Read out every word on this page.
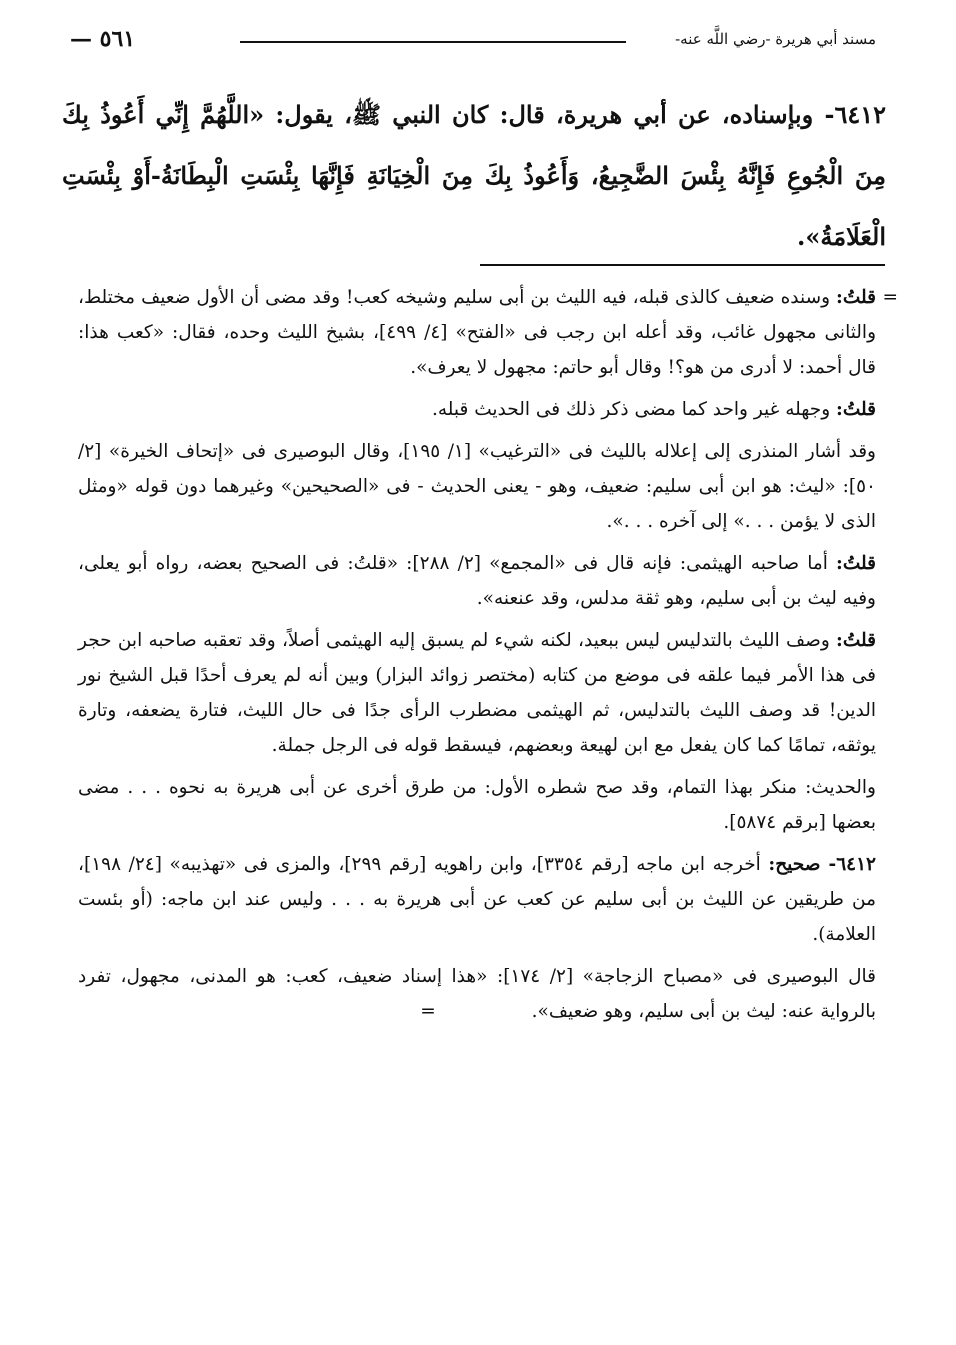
مسند أبي هريرة -رضي اللَّه عنه-
٥٦١ —
٦٤١٢- وبإسناده، عن أبي هريرة، قال: كان النبي ﷺ، يقول: «اللَّهُمَّ إِنِّي أَعُوذُ بِكَ مِنَ الْجُوعِ فَإِنَّهُ بِئْسَ الضَّجِيعُ، وَأَعُوذُ بِكَ مِنَ الْخِيَانَةِ فَإِنَّهَا بِئْسَتِ الْبِطَانَةُ-أَوْ بِئْسَتِ الْعَلَامَةُ».

=
قلتُ: وسنده ضعيف كالذى قبله، فيه الليث بن أبى سليم وشيخه كعب! وقد مضى أن الأول ضعيف مختلط، والثانى مجهول غائب، وقد أعله ابن رجب فى «الفتح» [٤/ ٤٩٩]، بشيخ الليث وحده، فقال: «كعب هذا: قال أحمد: لا أدرى من هو؟! وقال أبو حاتم: مجهول لا يعرف».

قلتُ: وجهله غير واحد كما مضى ذكر ذلك فى الحديث قبله.

وقد أشار المنذرى إلى إعلاله بالليث فى «الترغيب» [١/ ١٩٥]، وقال البوصيرى فى «إتحاف الخيرة» [٢/ ٥٠]: «ليث: هو ابن أبى سليم: ضعيف، وهو - يعنى الحديث - فى «الصحيحين» وغيرهما دون قوله «ومثل الذى لا يؤمن . . .» إلى آخره . . .».

قلتُ: أما صاحبه الهيثمى: فإنه قال فى «المجمع» [٢/ ٢٨٨]: «قلتُ: فى الصحيح بعضه، رواه أبو يعلى، وفيه ليث بن أبى سليم، وهو ثقة مدلس، وقد عنعنه».

قلتُ: وصف الليث بالتدليس ليس ببعيد، لكنه شيء لم يسبق إليه الهيثمى أصلاً، وقد تعقبه صاحبه ابن حجر فى هذا الأمر فيما علقه فى موضع من كتابه (مختصر زوائد البزار) وبين أنه لم يعرف أحدًا قبل الشيخ نور الدين! قد وصف الليث بالتدليس، ثم الهيثمى مضطرب الرأى جدًا فى حال الليث، فتارة يضعفه، وتارة يوثقه، تمامًا كما كان يفعل مع ابن لهيعة وبعضهم، فيسقط قوله فى الرجل جملة.

والحديث: منكر بهذا التمام، وقد صح شطره الأول: من طرق أخرى عن أبى هريرة به نحوه . . . مضى بعضها [برقم ٥٨٧٤].

٦٤١٢- صحيح: أخرجه ابن ماجه [رقم ٣٣٥٤]، وابن راهويه [رقم ٢٩٩]، والمزى فى «تهذيبه» [٢٤/ ١٩٨]، من طريقين عن الليث بن أبى سليم عن كعب عن أبى هريرة به . . . وليس عند ابن ماجه: (أو بئست العلامة).

قال البوصيرى فى «مصباح الزجاجة» [٢/ ١٧٤]: «هذا إسناد ضعيف، كعب: هو المدنى، مجهول، تفرد بالرواية عنه: ليث بن أبى سليم، وهو ضعيف». =
